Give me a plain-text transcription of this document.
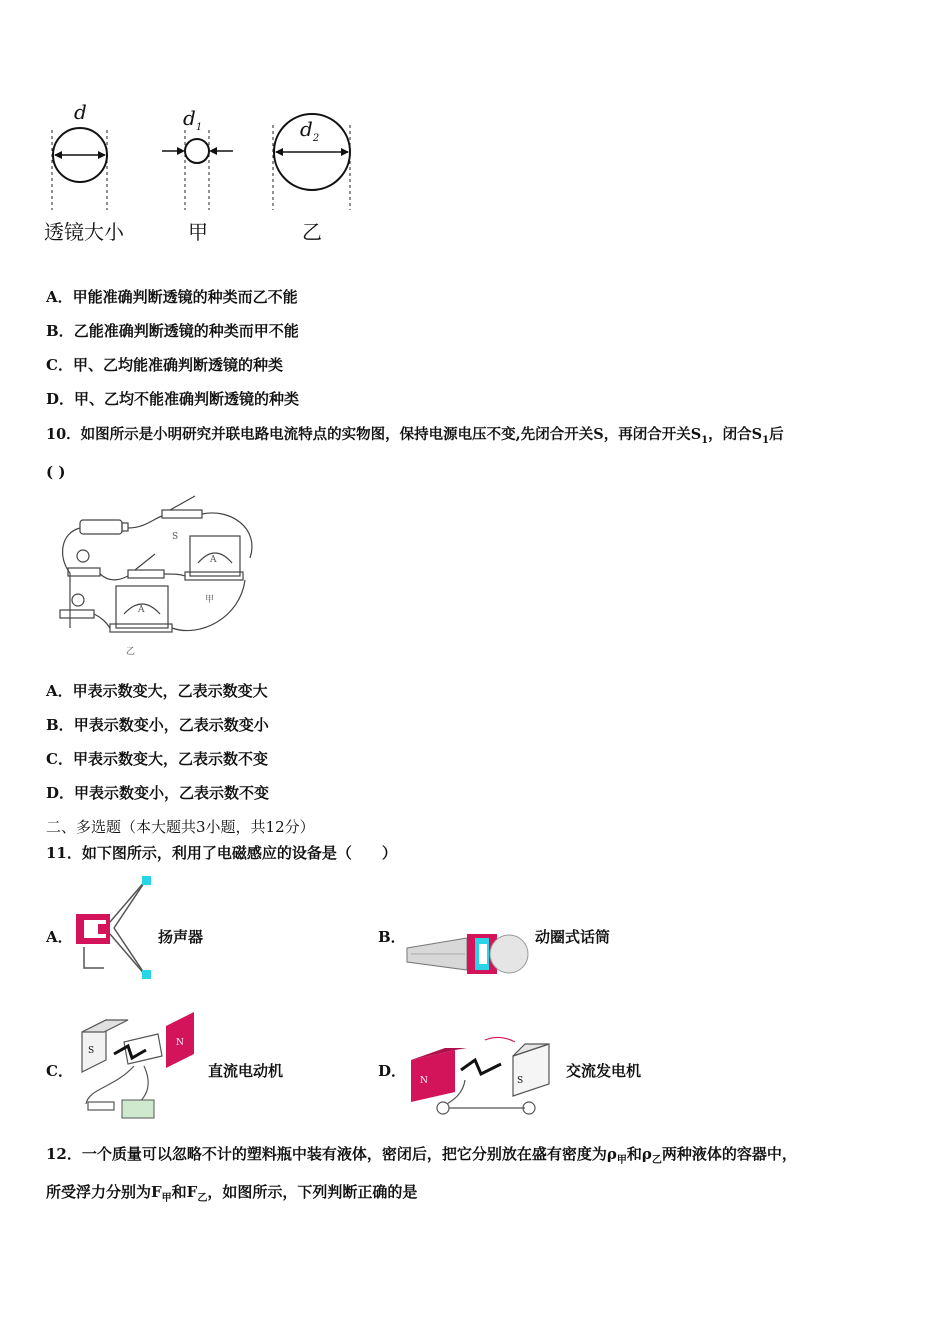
d	$d_1$	$d_2$
透镜大小	甲	乙
A．甲能准确判断透镜的种类而乙不能
B．乙能准确判断透镜的种类而甲不能
C．甲、乙均能准确判断透镜的种类
D．甲、乙均不能准确判断透镜的种类
10．如图所示是小明研究并联电路电流特点的实物图，保持电源电压不变,先闭合开关S，再闭合开关$S_1$，闭合$S_1$后
( )
S
A
A
甲
乙
A．甲表示数变大，乙表示数变大
B．甲表示数变小，乙表示数变小
C．甲表示数变大，乙表示数不变
D．甲表示数变小，乙表示数不变
二、多选题（本大题共3小题，共12分）
11．如下图所示，利用了电磁感应的设备是（　　）
A．	扬声器	B．	动圈式话筒
C．
S
N
直流电动机	D．
N	S
交流发电机
12．一个质量可以忽略不计的塑料瓶中装有液体，密闭后，把它分别放在盛有密度为$\rho_甲$和$\rho_乙$两种液体的容器中，
所受浮力分别为$F_甲$和$F_乙$，如图所示，下列判断正确的是
